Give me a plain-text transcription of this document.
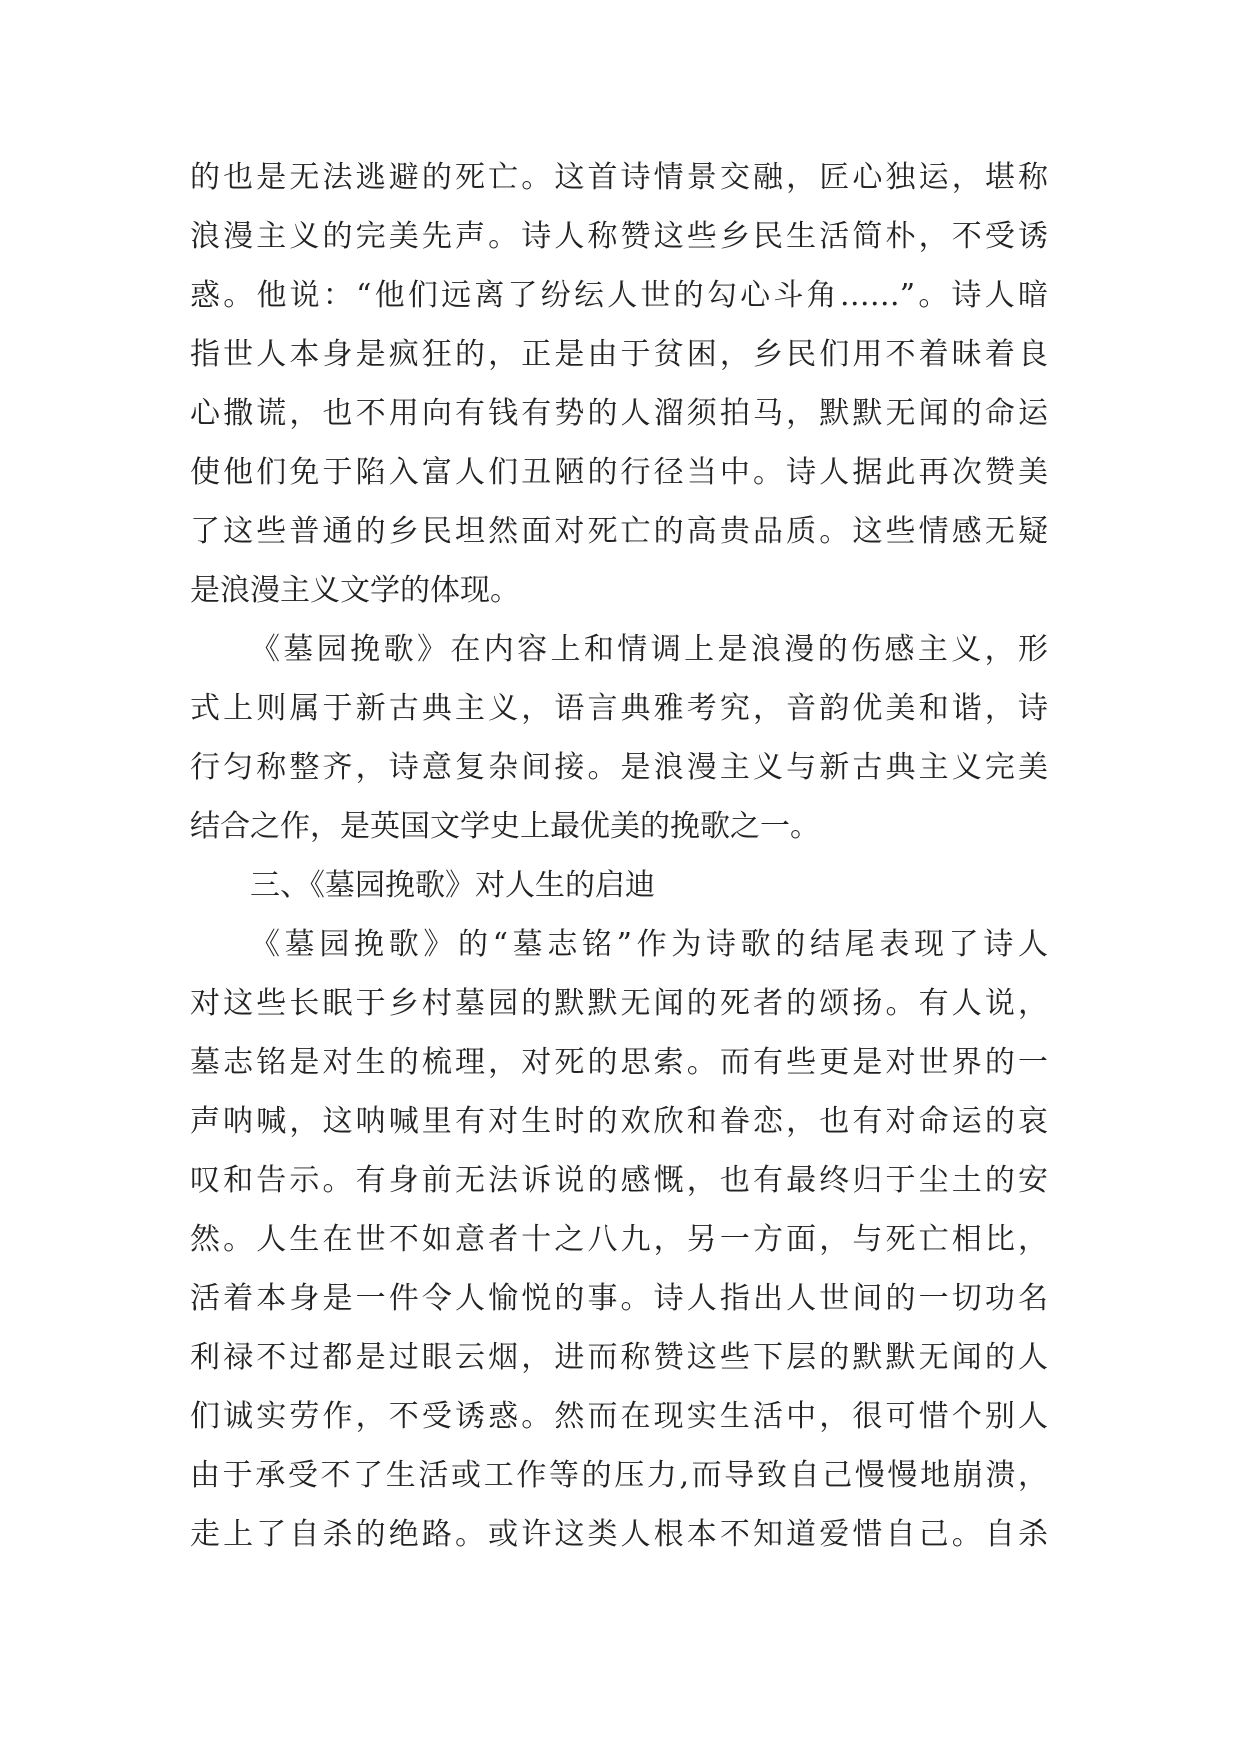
的也是无法逃避的死亡。这首诗情景交融，匠心独运，堪称
浪漫主义的完美先声。诗人称赞这些乡民生活简朴，不受诱
惑。他说：“他们远离了纷纭人世的勾心斗角……”。诗人暗
指世人本身是疯狂的，正是由于贫困，乡民们用不着昧着良
心撒谎，也不用向有钱有势的人溜须拍马，默默无闻的命运
使他们免于陷入富人们丑陋的行径当中。诗人据此再次赞美
了这些普通的乡民坦然面对死亡的高贵品质。这些情感无疑
是浪漫主义文学的体现。
《墓园挽歌》在内容上和情调上是浪漫的伤感主义，形
式上则属于新古典主义，语言典雅考究，音韵优美和谐，诗
行匀称整齐，诗意复杂间接。是浪漫主义与新古典主义完美
结合之作，是英国文学史上最优美的挽歌之一。
三、《墓园挽歌》对人生的启迪
《墓园挽歌》的“墓志铭”作为诗歌的结尾表现了诗人
对这些长眠于乡村墓园的默默无闻的死者的颂扬。有人说，
墓志铭是对生的梳理，对死的思索。而有些更是对世界的一
声呐喊，这呐喊里有对生时的欢欣和眷恋，也有对命运的哀
叹和告示。有身前无法诉说的感慨，也有最终归于尘土的安
然。人生在世不如意者十之八九，另一方面，与死亡相比，
活着本身是一件令人愉悦的事。诗人指出人世间的一切功名
利禄不过都是过眼云烟，进而称赞这些下层的默默无闻的人
们诚实劳作，不受诱惑。然而在现实生活中，很可惜个别人
由于承受不了生活或工作等的压力,而导致自己慢慢地崩溃，
走上了自杀的绝路。或许这类人根本不知道爱惜自己。自杀
